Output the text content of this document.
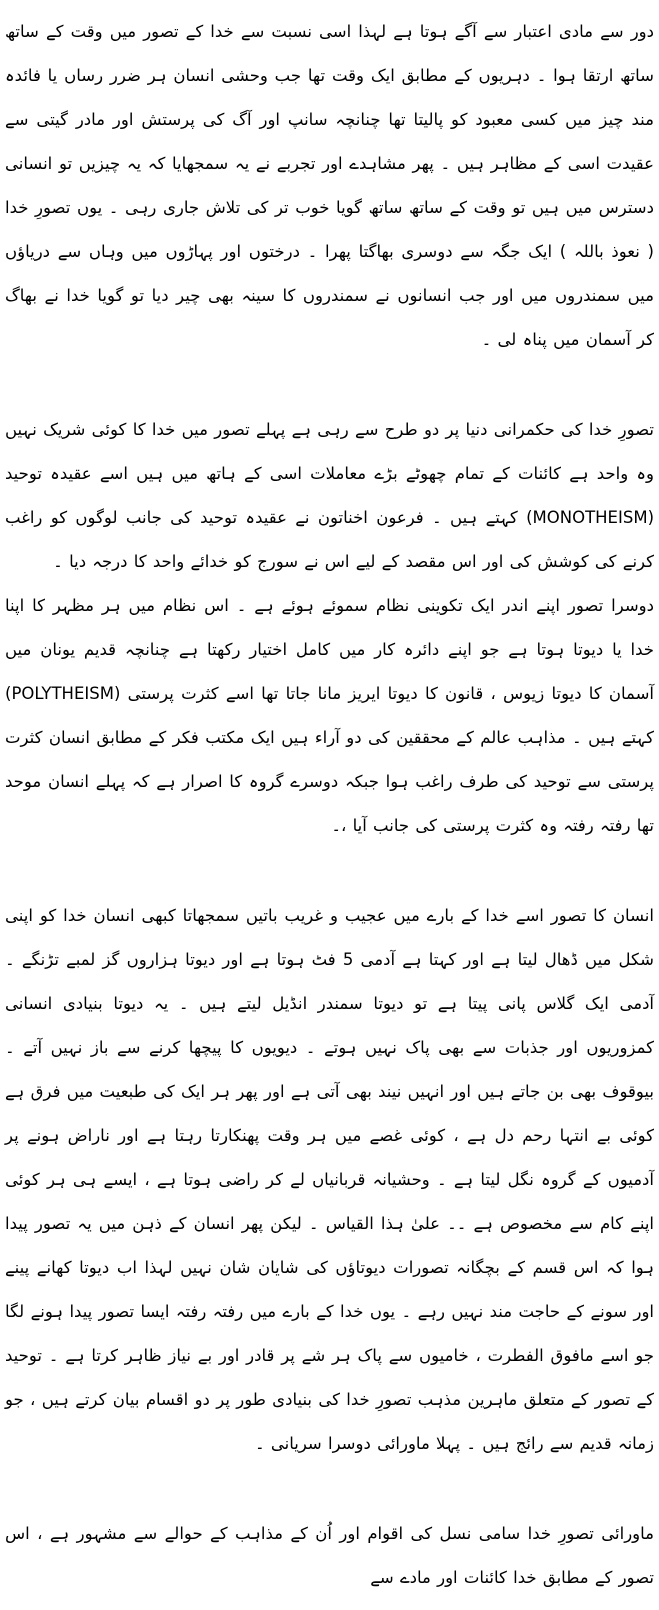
دور سے مادی اعتبار سے آگے ہوتا ہے لہذا اسی نسبت سے خدا کے تصور میں وقت کے ساتھ ساتھ ارتقا ہوا ۔ دہریوں کے مطابق ایک وقت تھا جب وحشی انسان ہر ضرر رساں یا فائدہ مند چیز میں کسی معبود کو پالیتا تھا چنانچہ سانپ اور آگ کی پرستش اور مادر گیتی سے عقیدت اسی کے مظاہر ہیں ۔ پھر مشاہدے اور تجربے نے یہ سمجھایا کہ یہ چیزیں تو انسانی دسترس میں ہیں تو وقت کے ساتھ ساتھ گویا خوب تر کی تلاش جاری رہی ۔ یوں تصورِ خدا ( نعوذ باللہ ) ایک جگہ سے دوسری بھاگتا پھرا ۔ درختوں اور پہاڑوں میں وہاں سے دریاؤں میں سمندروں میں اور جب انسانوں نے سمندروں کا سینہ بھی چیر دیا تو گویا خدا نے بھاگ کر آسمان میں پناہ لی ۔

تصورِ خدا کی حکمرانی دنیا پر دو طرح سے رہی ہے پہلے تصور میں خدا کا کوئی شریک نہیں وہ واحد ہے کائنات کے تمام چھوٹے بڑے معاملات اسی کے ہاتھ میں ہیں اسے عقیدہ توحید (MONOTHEISM) کہتے ہیں ۔ فرعون اخناتون نے عقیدہ توحید کی جانب لوگوں کو راغب کرنے کی کوشش کی اور اس مقصد کے لیے اس نے سورج کو خدائے واحد کا درجہ دیا ۔

دوسرا تصور اپنے اندر ایک تکوینی نظام سموئے ہوئے ہے ۔ اس نظام میں ہر مظہر کا اپنا خدا یا دیوتا ہوتا ہے جو اپنے دائرہ کار میں کامل اختیار رکھتا ہے چنانچہ قدیم یونان میں آسمان کا دیوتا زیوس ، قانون کا دیوتا ایریز مانا جاتا تھا اسے کثرت پرستی (POLYTHEISM) کہتے ہیں ۔ مذاہب عالم کے محققین کی دو آراء ہیں ایک مکتب فکر کے مطابق انسان کثرت پرستی سے توحید کی طرف راغب ہوا جبکہ دوسرے گروہ کا اصرار ہے کہ پہلے انسان موحد تھا رفتہ رفتہ وہ کثرت پرستی کی جانب آیا ،۔

انسان کا تصور اسے خدا کے بارے میں عجیب و غریب باتیں سمجھاتا کبھی انسان خدا کو اپنی شکل میں ڈھال لیتا ہے اور کہتا ہے آدمی 5 فٹ ہوتا ہے اور دیوتا ہزاروں گز لمبے تڑنگے ۔ آدمی ایک گلاس پانی پیتا ہے تو دیوتا سمندر انڈیل لیتے ہیں ۔ یہ دیوتا بنیادی انسانی کمزوریوں اور جذبات سے بھی پاک نہیں ہوتے ۔ دیویوں کا پیچھا کرنے سے باز نہیں آتے ۔ بیوقوف بھی بن جاتے ہیں اور انہیں نیند بھی آتی ہے اور پھر ہر ایک کی طبعیت میں فرق ہے کوئی بے انتہا رحم دل ہے ، کوئی غصے میں ہر وقت پھنکارتا رہتا ہے اور ناراض ہونے پر آدمیوں کے گروہ نگل لیتا ہے ۔ وحشیانہ قربانیاں لے کر راضی ہوتا ہے ، ایسے ہی ہر کوئی اپنے کام سے مخصوص ہے ۔۔ علیٰ ہذا القیاس ۔ لیکن پھر انسان کے ذہن میں یہ تصور پیدا ہوا کہ اس قسم کے بچگانہ تصورات دیوتاؤں کی شایان شان نہیں لہذا اب دیوتا کھانے پینے اور سونے کے حاجت مند نہیں رہے ۔ یوں خدا کے بارے میں رفتہ رفتہ ایسا تصور پیدا ہونے لگا جو اسے مافوق الفطرت ، خامیوں سے پاک ہر شے پر قادر اور بے نیاز ظاہر کرتا ہے ۔ توحید کے تصور کے متعلق ماہرین مذہب تصورِ خدا کی بنیادی طور پر دو اقسام بیان کرتے ہیں ، جو زمانہ قدیم سے رائج ہیں ۔ پہلا ماورائی دوسرا سریانی ۔

ماورائی تصورِ خدا سامی نسل کی اقوام اور اُن کے مذاہب کے حوالے سے مشہور ہے ، اس تصور کے مطابق خدا کائنات اور مادے سے
